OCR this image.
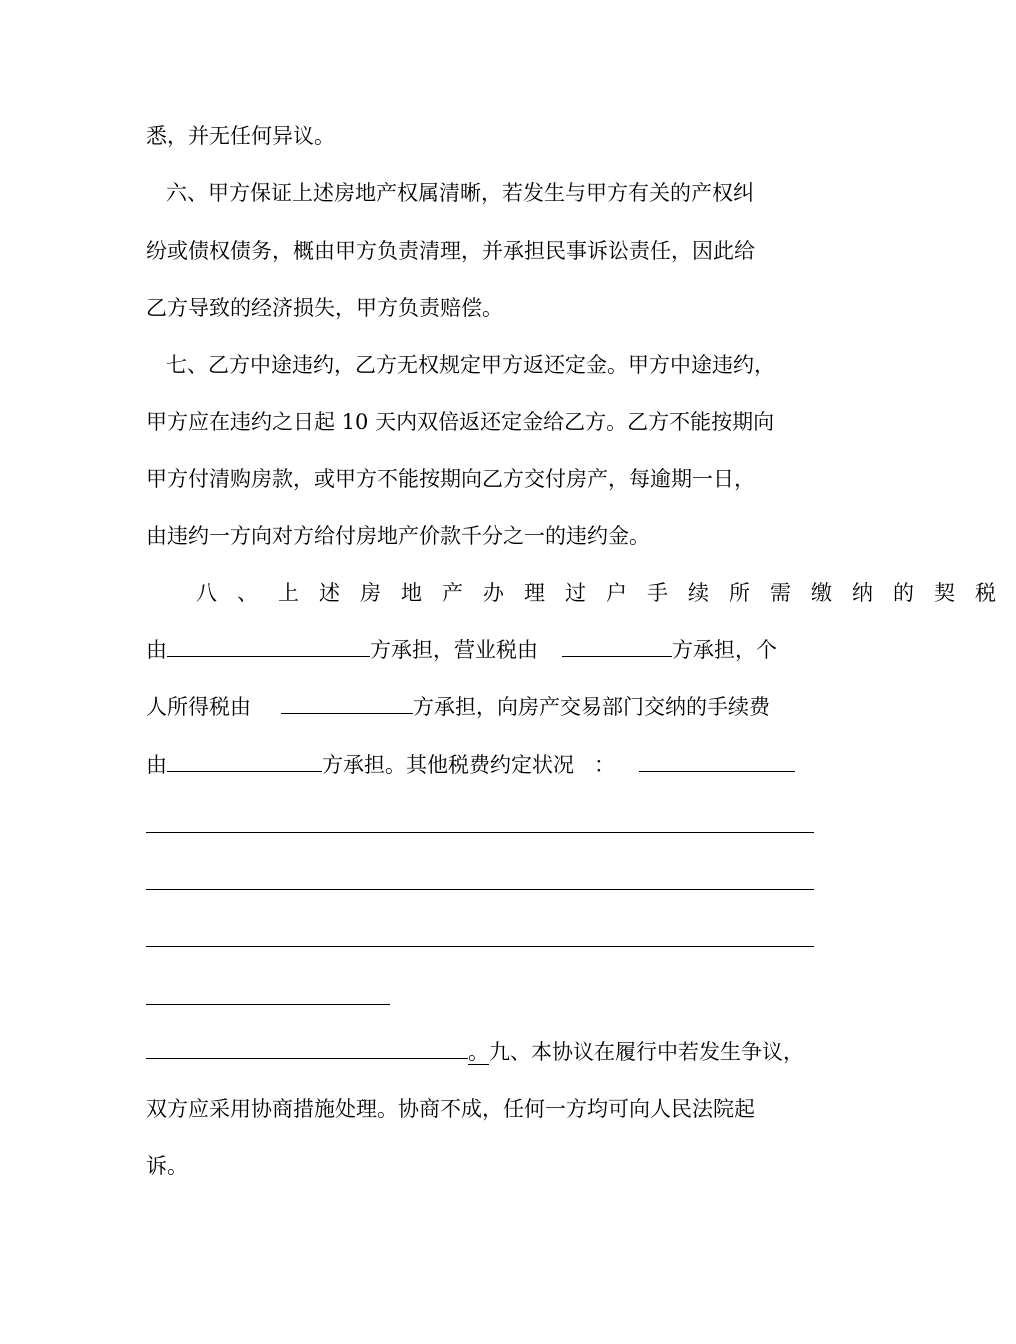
悉，并无任何异议。
六、甲方保证上述房地产权属清晰，若发生与甲方有关的产权纠
纷或债权债务，概由甲方负责清理，并承担民事诉讼责任，因此给
乙方导致的经济损失，甲方负责赔偿。
七、乙方中途违约，乙方无权规定甲方返还定金。甲方中途违约，
甲方应在违约之日起 10 天内双倍返还定金给乙方。乙方不能按期向
甲方付清购房款，或甲方不能按期向乙方交付房产，每逾期一日，
由违约一方向对方给付房地产价款千分之一的违约金。
八、上述房地产办理过户手续所需缴纳的契税
由	方承担，营业税由	方承担，个
人所得税由	方承担，向房产交易部门交纳的手续费
由	方承担。其他税费约定状况 ：
。九、本协议在履行中若发生争议，
双方应采用协商措施处理。协商不成，任何一方均可向人民法院起
诉。
